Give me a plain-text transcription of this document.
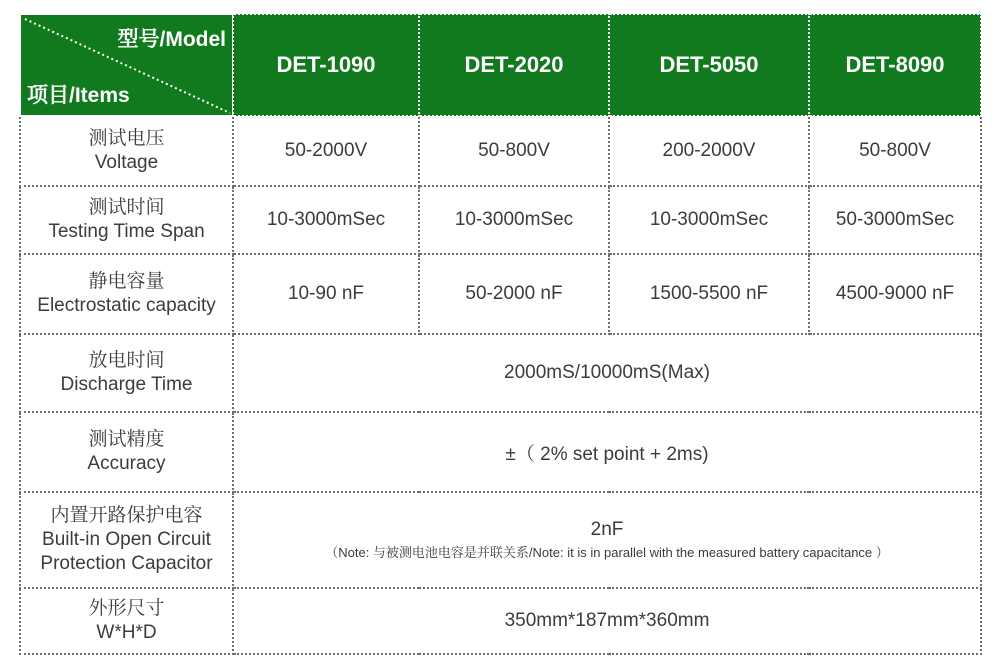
型号/Model
项目/Items	DET-1090	DET-2020	DET-5050	DET-8090

测试电压
Voltage	50-2000V	50-800V	200-2000V	50-800V

测试时间
Testing Time Span	10-3000mSec	10-3000mSec	10-3000mSec	50-3000mSec

静电容量
Electrostatic capacity	10-90 nF	50-2000 nF	1500-5500 nF	4500-9000 nF

放电时间
Discharge Time	2000mS/10000mS(Max)			

测试精度
Accuracy	±（ 2% set point + 2ms)			

内置开路保护电容
Built-in Open Circuit
Protection Capacitor	2nF
（Note: 与被测电池电容是并联关系/Note: it is in parallel with the measured battery capacitance ）			

外形尺寸
W*H*D	350mm*187mm*360mm			
